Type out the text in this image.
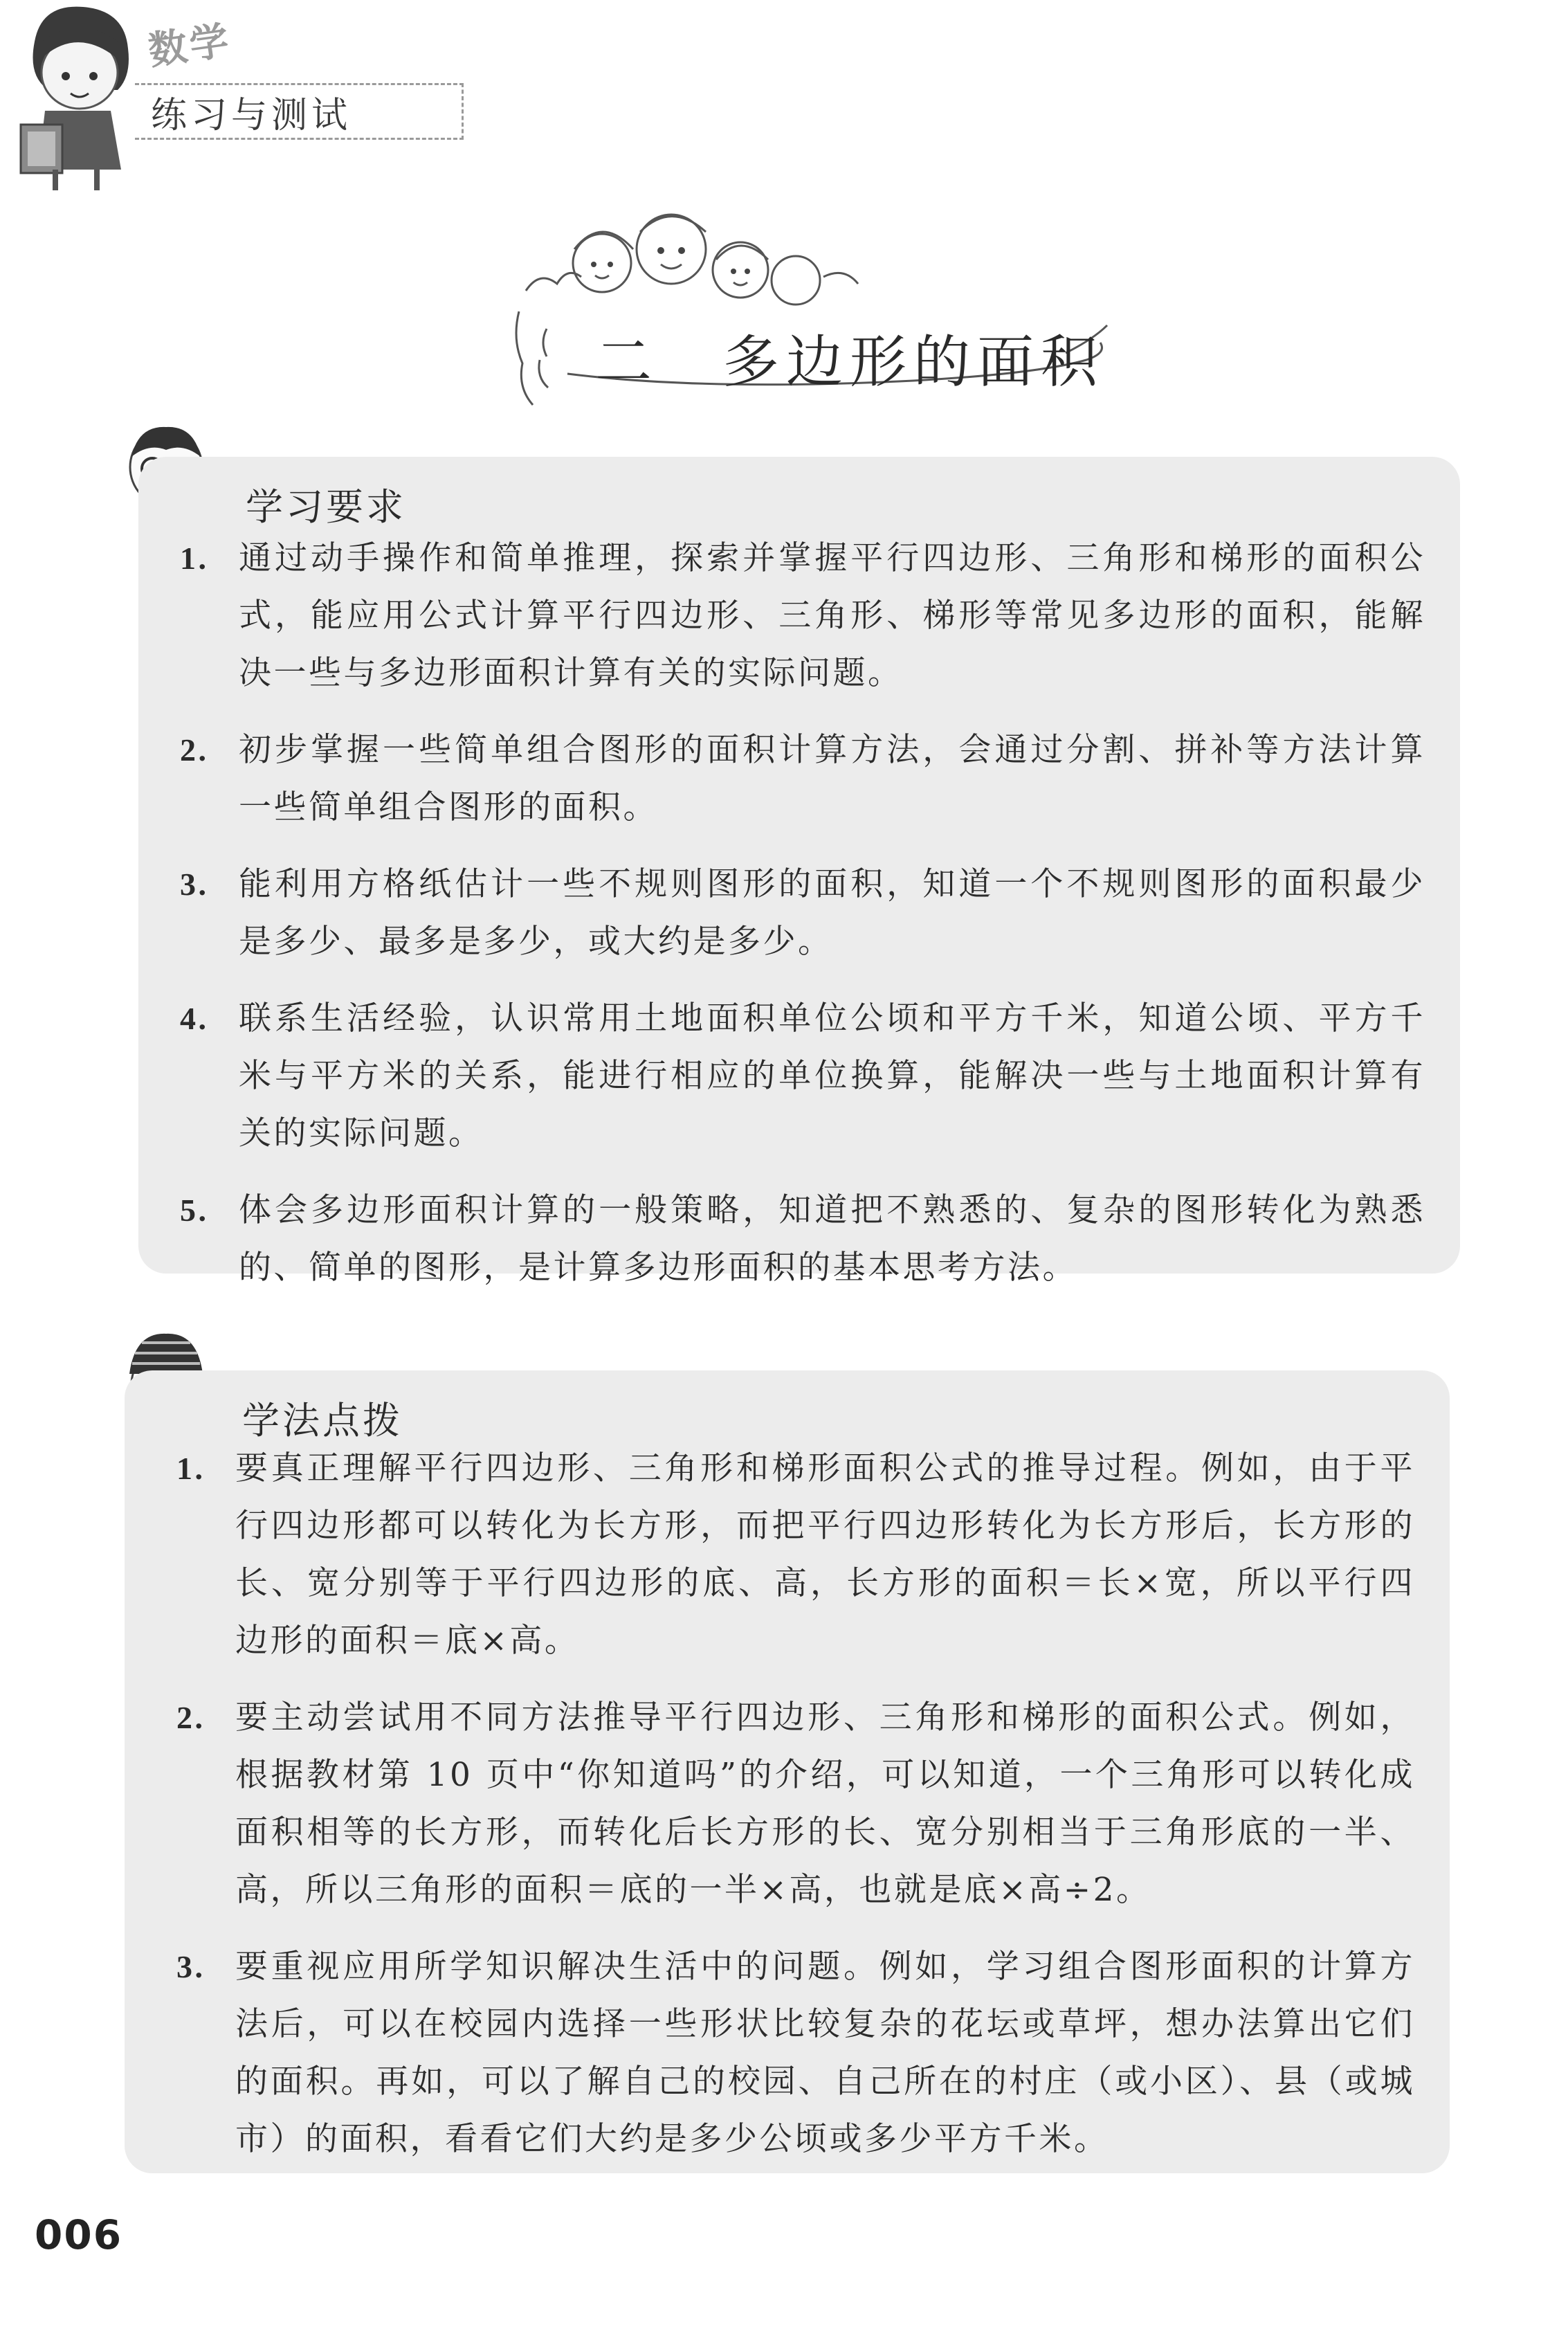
数学
练习与测试
二　多边形的面积
学习要求
1. 通过动手操作和简单推理，探索并掌握平行四边形、三角形和梯形的面积公式，能应用公式计算平行四边形、三角形、梯形等常见多边形的面积，能解决一些与多边形面积计算有关的实际问题。
2. 初步掌握一些简单组合图形的面积计算方法，会通过分割、拼补等方法计算一些简单组合图形的面积。
3. 能利用方格纸估计一些不规则图形的面积，知道一个不规则图形的面积最少是多少、最多是多少，或大约是多少。
4. 联系生活经验，认识常用土地面积单位公顷和平方千米，知道公顷、平方千米与平方米的关系，能进行相应的单位换算，能解决一些与土地面积计算有关的实际问题。
5. 体会多边形面积计算的一般策略，知道把不熟悉的、复杂的图形转化为熟悉的、简单的图形，是计算多边形面积的基本思考方法。
学法点拨
1. 要真正理解平行四边形、三角形和梯形面积公式的推导过程。例如，由于平行四边形都可以转化为长方形，而把平行四边形转化为长方形后，长方形的长、宽分别等于平行四边形的底、高，长方形的面积＝长×宽，所以平行四边形的面积＝底×高。
2. 要主动尝试用不同方法推导平行四边形、三角形和梯形的面积公式。例如，根据教材第 10 页中“你知道吗”的介绍，可以知道，一个三角形可以转化成面积相等的长方形，而转化后长方形的长、宽分别相当于三角形底的一半、高，所以三角形的面积＝底的一半×高，也就是底×高÷2。
3. 要重视应用所学知识解决生活中的问题。例如，学习组合图形面积的计算方法后，可以在校园内选择一些形状比较复杂的花坛或草坪，想办法算出它们的面积。再如，可以了解自己的校园、自己所在的村庄（或小区）、县（或城市）的面积，看看它们大约是多少公顷或多少平方千米。
006
